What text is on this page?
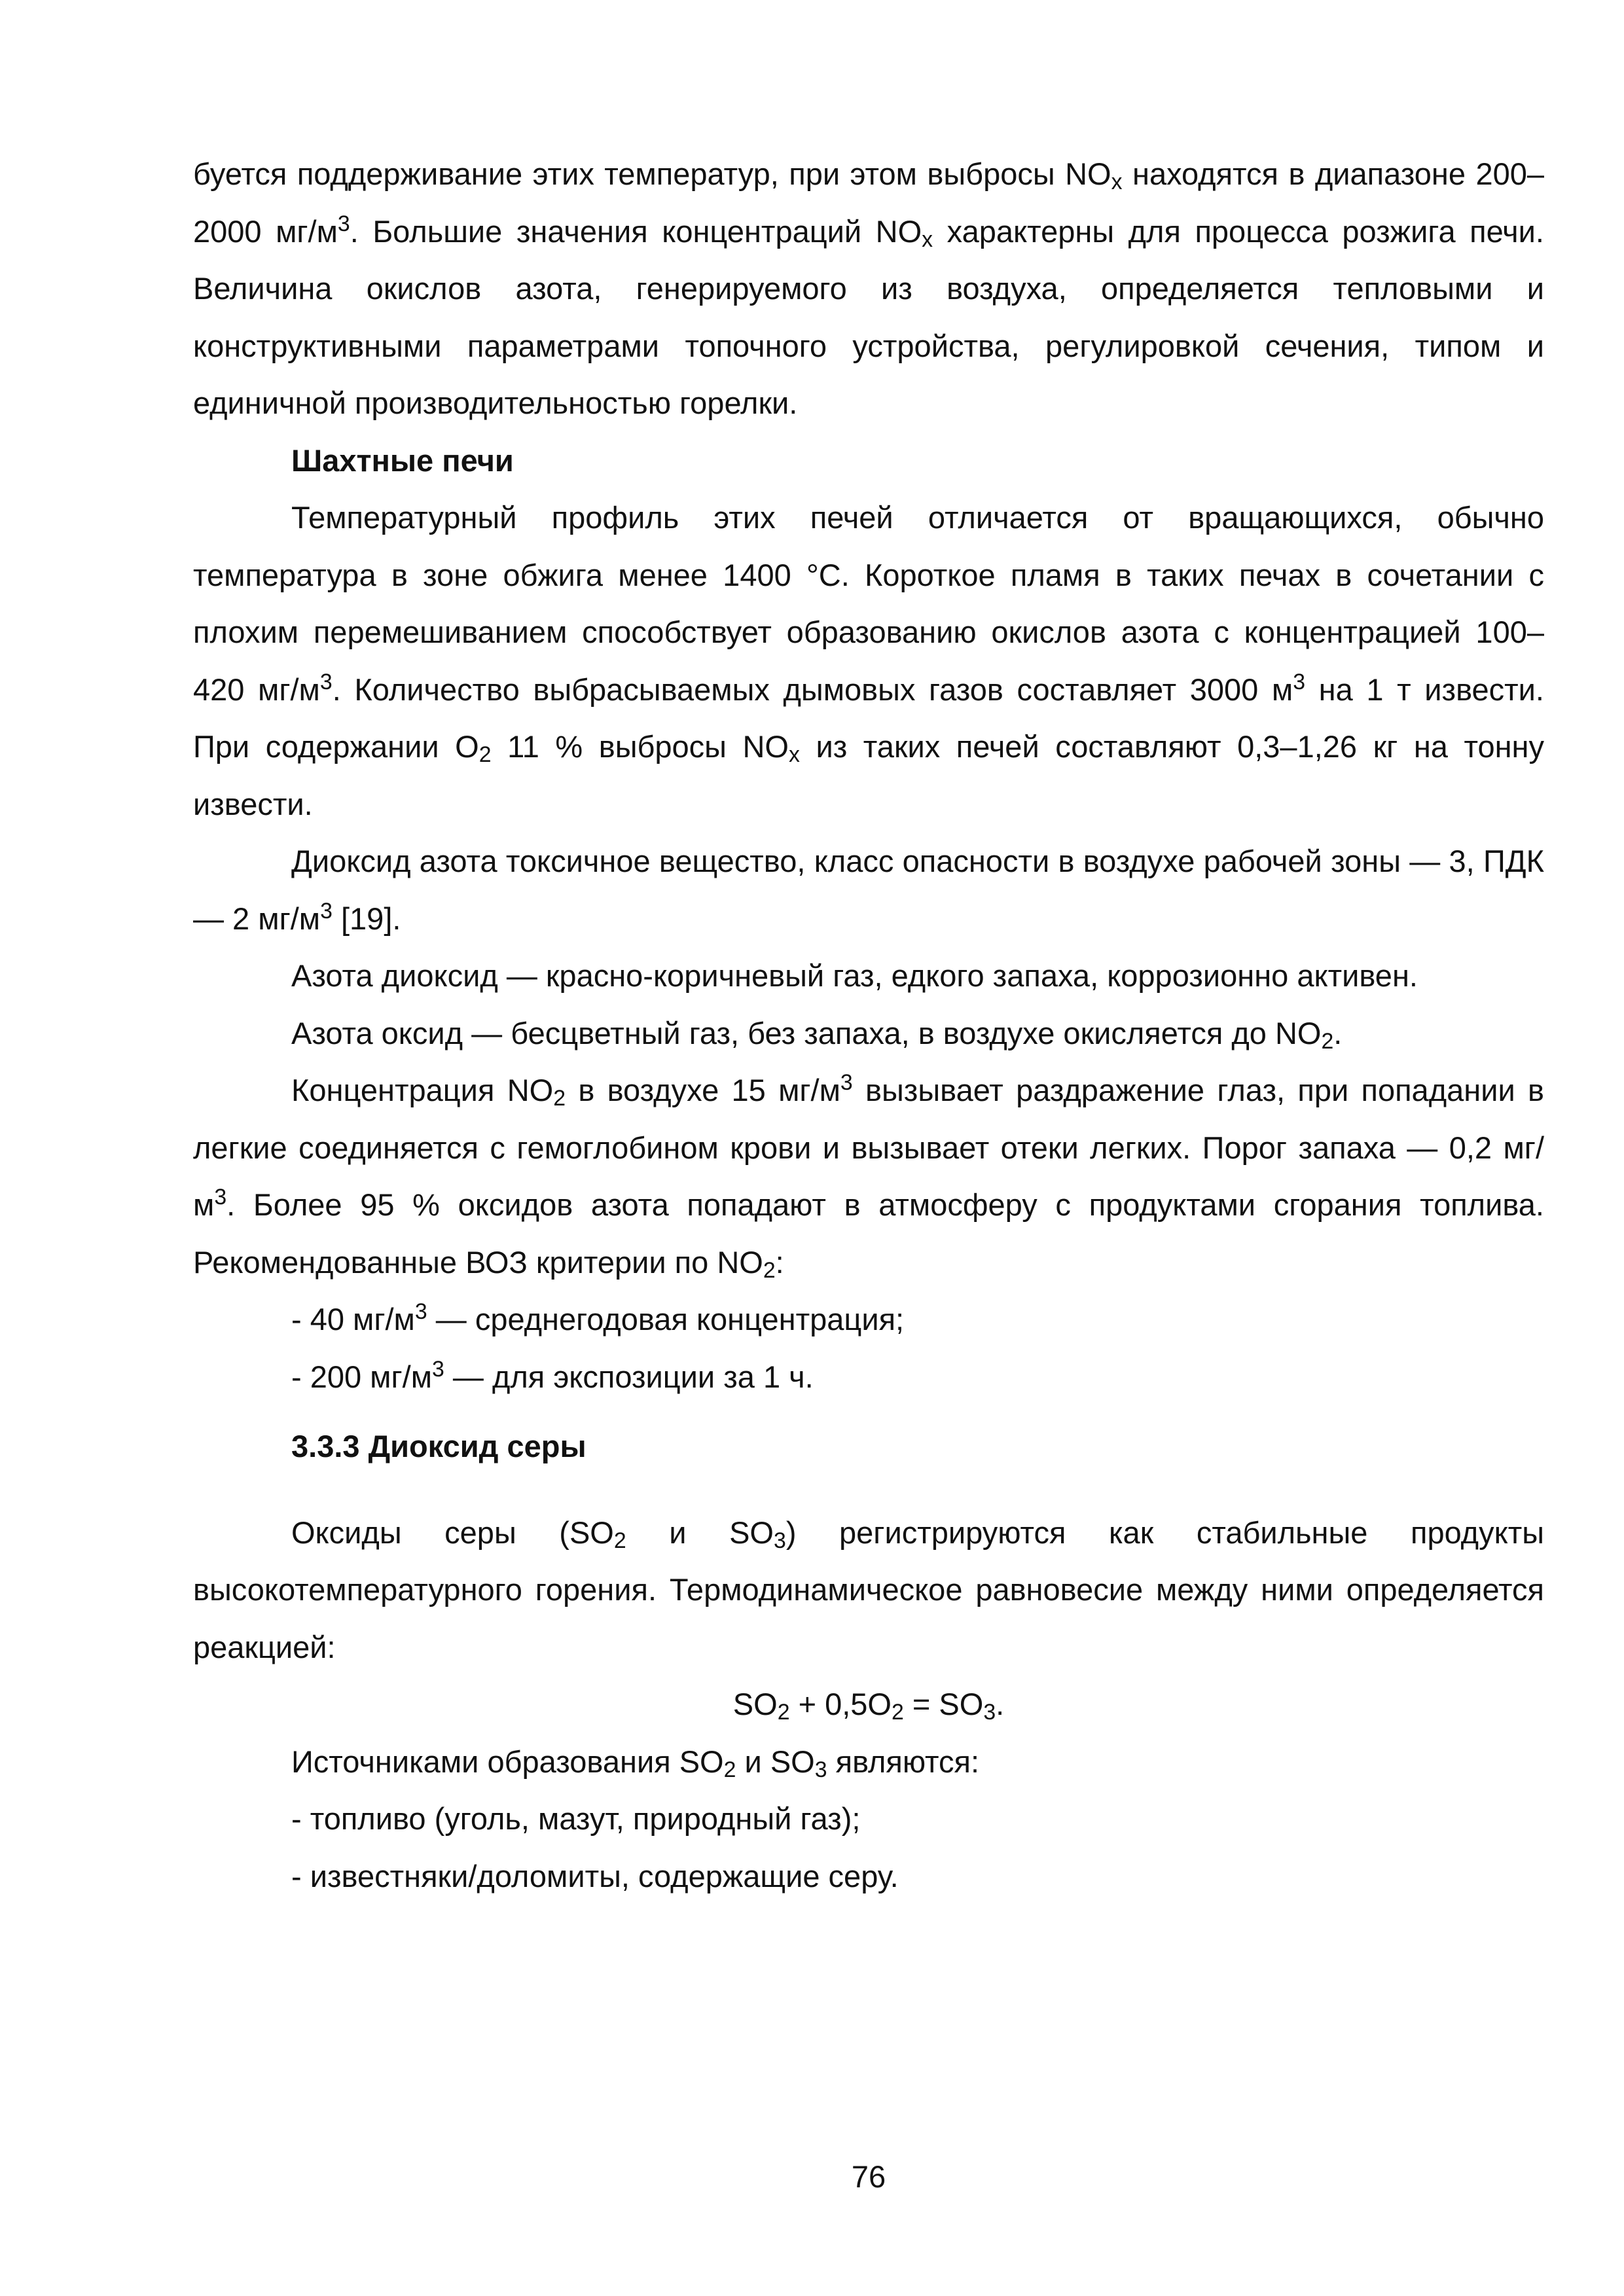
буется поддерживание этих температур, при этом выбросы $NO_x$ находятся в диапазоне 200–2000 $мг/м^3$. Большие значения концентраций $NO_x$ характерны для процесса розжига печи. Величина окислов азота, генерируемого из воздуха, определяется тепловыми и конструктивными параметрами топочного устройства, регулировкой сечения, типом и единичной производительностью горелки.

Шахтные печи

Температурный профиль этих печей отличается от вращающихся, обычно температура в зоне обжига менее 1400 °С. Короткое пламя в таких печах в сочетании с плохим перемешиванием способствует образованию окислов азота с концентрацией 100–420 $мг/м^3$. Количество выбрасываемых дымовых газов составляет 3000 $м^3$ на 1 т извести. При содержании $O_2$ 11 % выбросы $NO_x$ из таких печей составляют 0,3–1,26 кг на тонну извести.

Диоксид азота токсичное вещество, класс опасности в воздухе рабочей зоны — 3, ПДК — 2 $мг/м^3$ [19].

Азота диоксид — красно-коричневый газ, едкого запаха, коррозионно активен.

Азота оксид — бесцветный газ, без запаха, в воздухе окисляется до $NO_2$.

Концентрация $NO_2$ в воздухе 15 $мг/м^3$ вызывает раздражение глаз, при попадании в легкие соединяется с гемоглобином крови и вызывает отеки легких. Порог запаха — 0,2 $мг/м^3$. Более 95 % оксидов азота попадают в атмосферу с продуктами сгорания топлива. Рекомендованные ВОЗ критерии по $NO_2$:

- 40 $мг/м^3$ — среднегодовая концентрация;
- 200 $мг/м^3$ — для экспозиции за 1 ч.
3.3.3 Диоксид серы

Оксиды серы ($SO_2$ и $SO_3$) регистрируются как стабильные продукты высокотемпературного горения. Термодинамическое равновесие между ними определяется реакцией:

$SO_2 + 0,5O_2 = SO_3$.
Источниками образования $SO_2$ и $SO_3$ являются:
- топливо (уголь, мазут, природный газ);
- известняки/доломиты, содержащие серу.
76
